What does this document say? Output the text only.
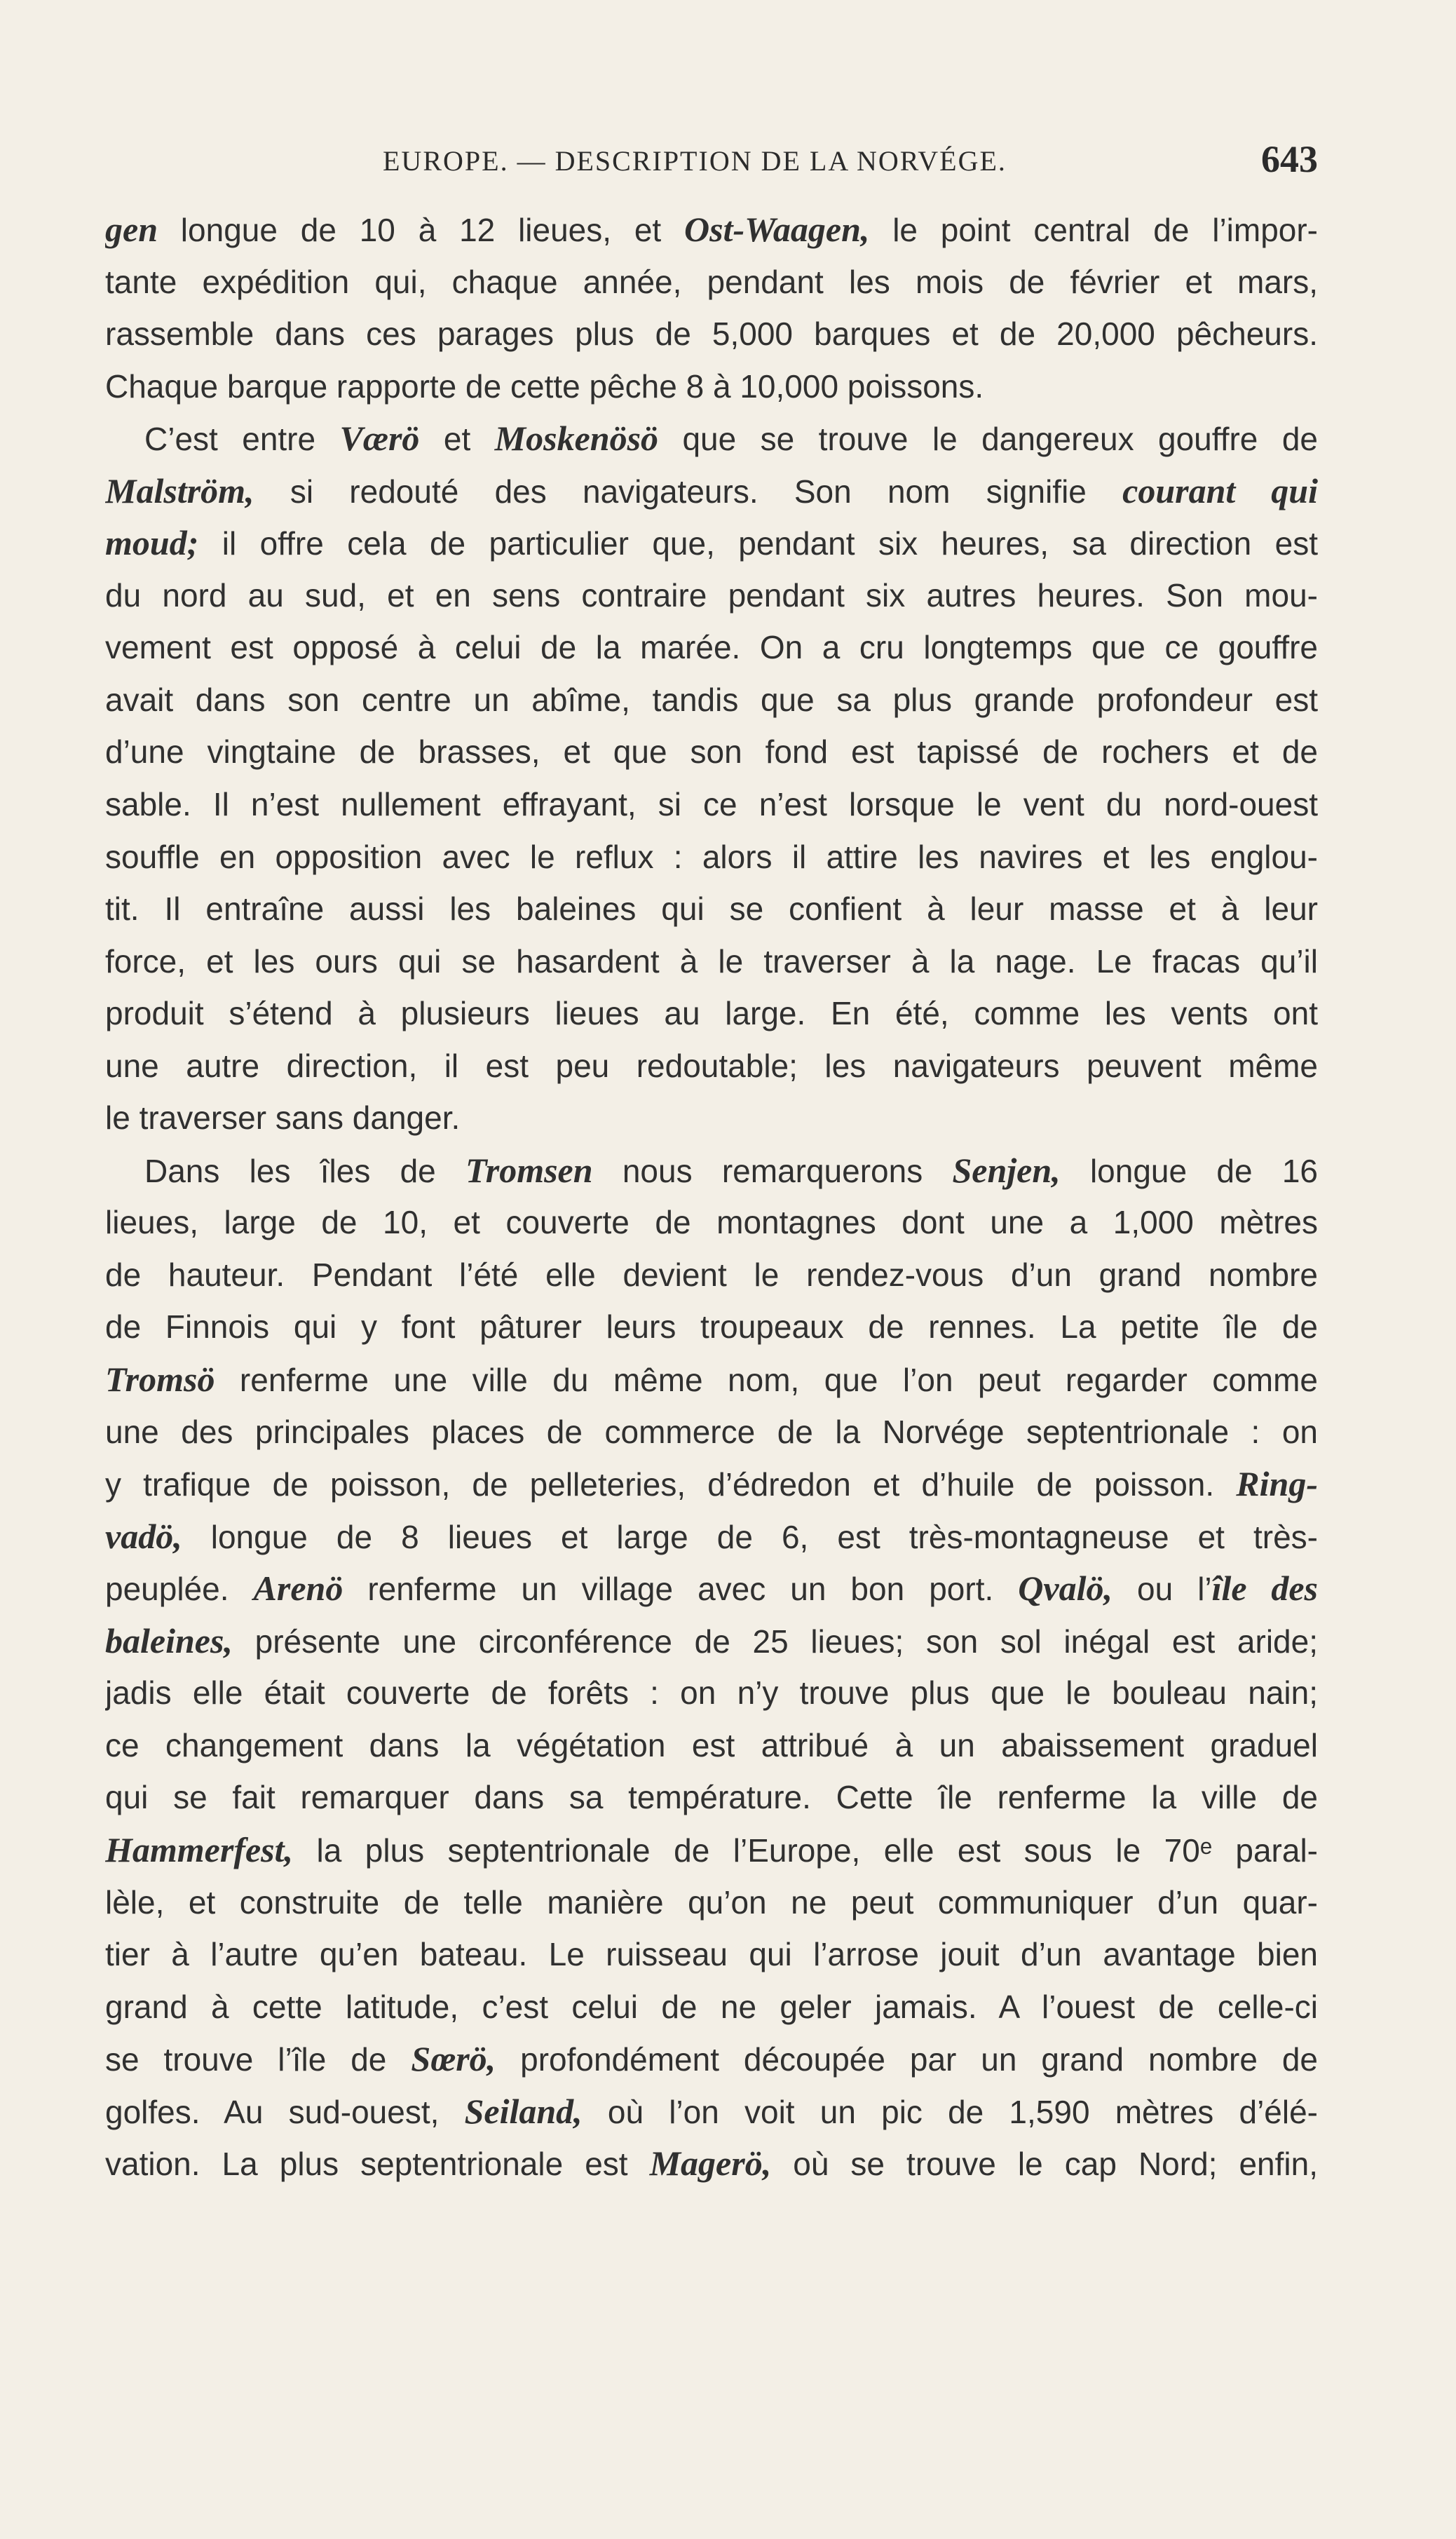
EUROPE. — DESCRIPTION DE LA NORVÉGE.	643
gen longue de 10 à 12 lieues, et Ost-Waagen, le point central de l’impor-
tante expédition qui, chaque année, pendant les mois de février et mars,
rassemble dans ces parages plus de 5,000 barques et de 20,000 pêcheurs.
Chaque barque rapporte de cette pêche 8 à 10,000 poissons.
C’est entre Værö et Moskenösö que se trouve le dangereux gouffre de
Malström, si redouté des navigateurs. Son nom signifie courant qui
moud; il offre cela de particulier que, pendant six heures, sa direction est
du nord au sud, et en sens contraire pendant six autres heures. Son mou-
vement est opposé à celui de la marée. On a cru longtemps que ce gouffre
avait dans son centre un abîme, tandis que sa plus grande profondeur est
d’une vingtaine de brasses, et que son fond est tapissé de rochers et de
sable. Il n’est nullement effrayant, si ce n’est lorsque le vent du nord-ouest
souffle en opposition avec le reflux : alors il attire les navires et les englou-
tit. Il entraîne aussi les baleines qui se confient à leur masse et à leur
force, et les ours qui se hasardent à le traverser à la nage. Le fracas qu’il
produit s’étend à plusieurs lieues au large. En été, comme les vents ont
une autre direction, il est peu redoutable; les navigateurs peuvent même
le traverser sans danger.
Dans les îles de Tromsen nous remarquerons Senjen, longue de 16
lieues, large de 10, et couverte de montagnes dont une a 1,000 mètres
de hauteur. Pendant l’été elle devient le rendez-vous d’un grand nombre
de Finnois qui y font pâturer leurs troupeaux de rennes. La petite île de
Tromsö renferme une ville du même nom, que l’on peut regarder comme
une des principales places de commerce de la Norvége septentrionale : on
y trafique de poisson, de pelleteries, d’édredon et d’huile de poisson. Ring-
vadö, longue de 8 lieues et large de 6, est très-montagneuse et très-
peuplée. Arenö renferme un village avec un bon port. Qvalö, ou l’île des
baleines, présente une circonférence de 25 lieues; son sol inégal est aride;
jadis elle était couverte de forêts : on n’y trouve plus que le bouleau nain;
ce changement dans la végétation est attribué à un abaissement graduel
qui se fait remarquer dans sa température. Cette île renferme la ville de
Hammerfest, la plus septentrionale de l’Europe, elle est sous le 70ᵉ paral-
lèle, et construite de telle manière qu’on ne peut communiquer d’un quar-
tier à l’autre qu’en bateau. Le ruisseau qui l’arrose jouit d’un avantage bien
grand à cette latitude, c’est celui de ne geler jamais. A l’ouest de celle-ci
se trouve l’île de Sœrö, profondément découpée par un grand nombre de
golfes. Au sud-ouest, Seiland, où l’on voit un pic de 1,590 mètres d’élé-
vation. La plus septentrionale est Magerö, où se trouve le cap Nord; enfin,
